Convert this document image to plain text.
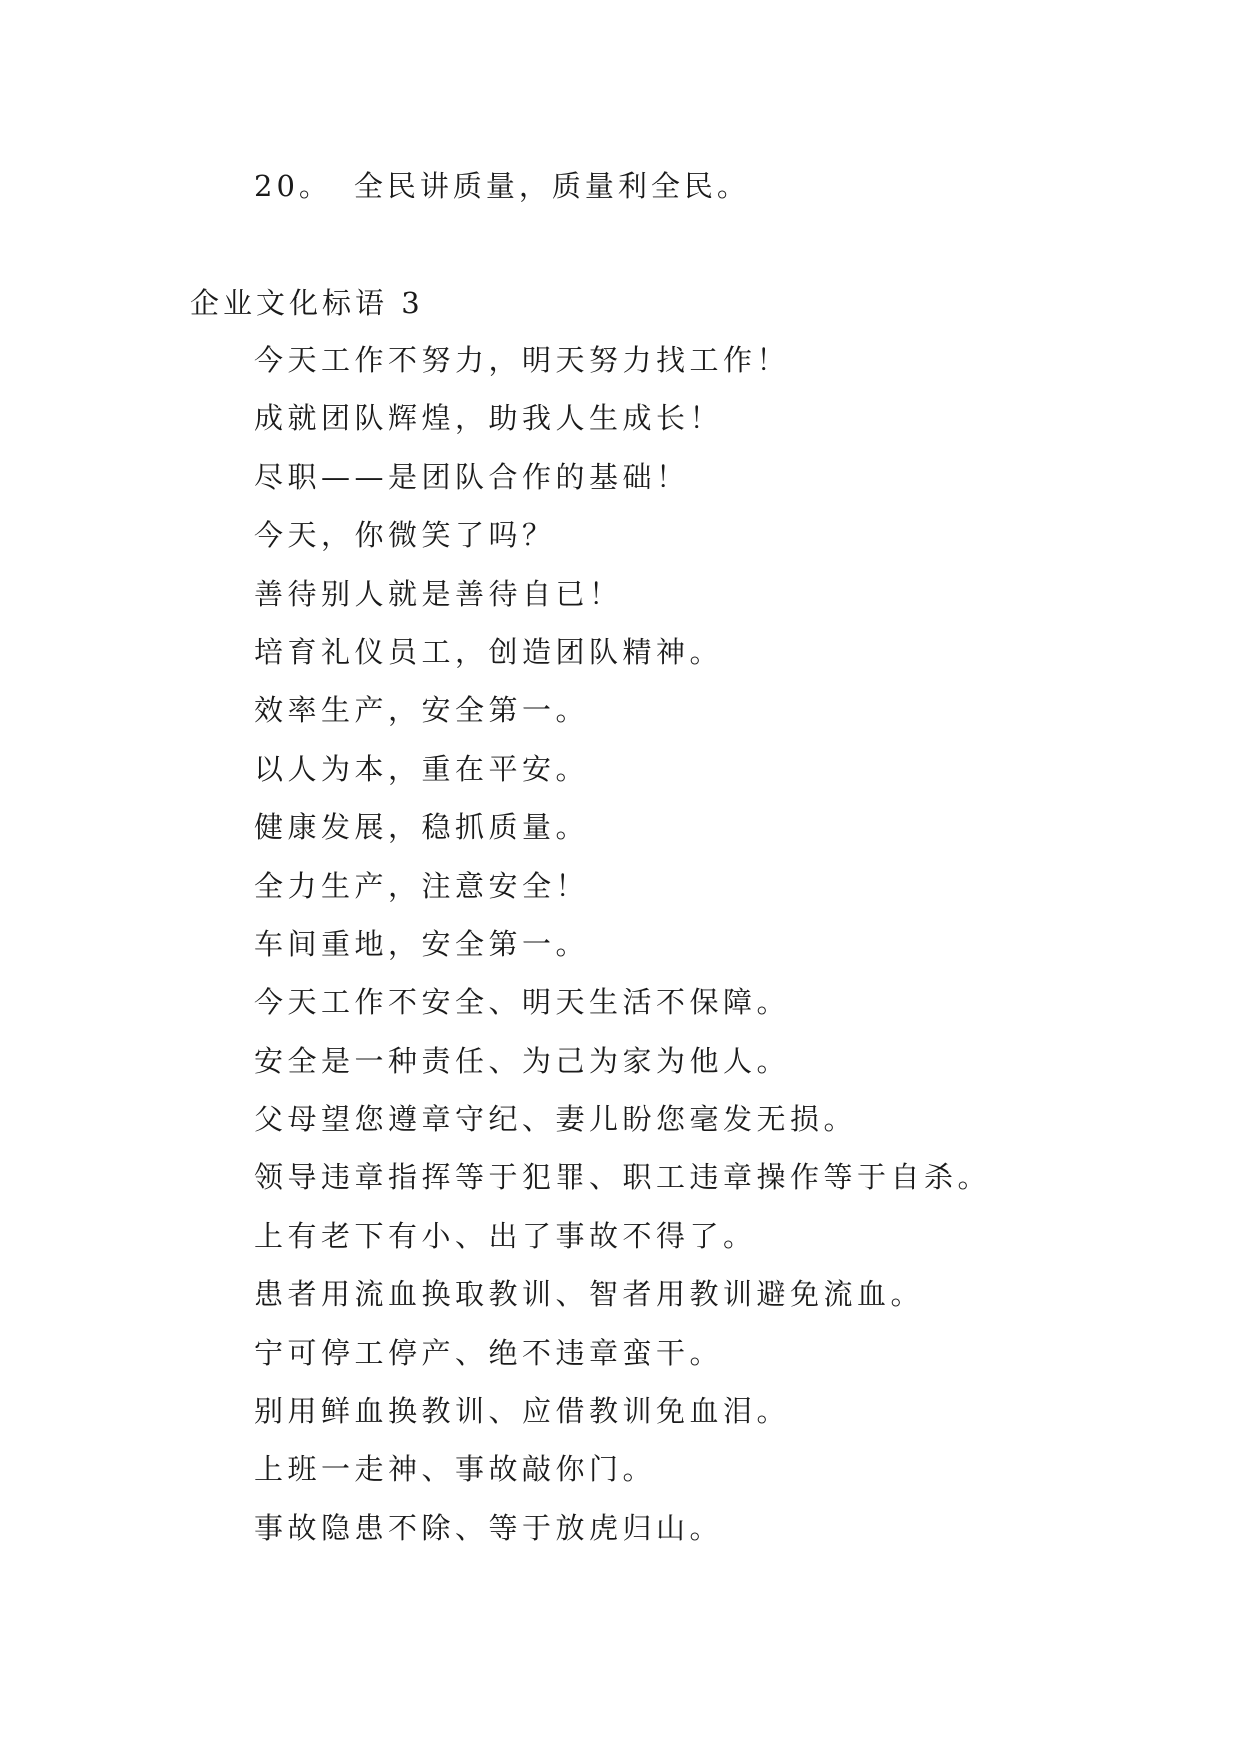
20。 全民讲质量，质量利全民。
企业文化标语 3
今天工作不努力，明天努力找工作！
成就团队辉煌，助我人生成长！
尽职——是团队合作的基础！
今天，你微笑了吗？
善待别人就是善待自已！
培育礼仪员工，创造团队精神。
效率生产，安全第一。
以人为本，重在平安。
健康发展，稳抓质量。
全力生产，注意安全！
车间重地，安全第一。
今天工作不安全、明天生活不保障。
安全是一种责任、为己为家为他人。
父母望您遵章守纪、妻儿盼您毫发无损。
领导违章指挥等于犯罪、职工违章操作等于自杀。
上有老下有小、出了事故不得了。
患者用流血换取教训、智者用教训避免流血。
宁可停工停产、绝不违章蛮干。
别用鲜血换教训、应借教训免血泪。
上班一走神、事故敲你门。
事故隐患不除、等于放虎归山。
